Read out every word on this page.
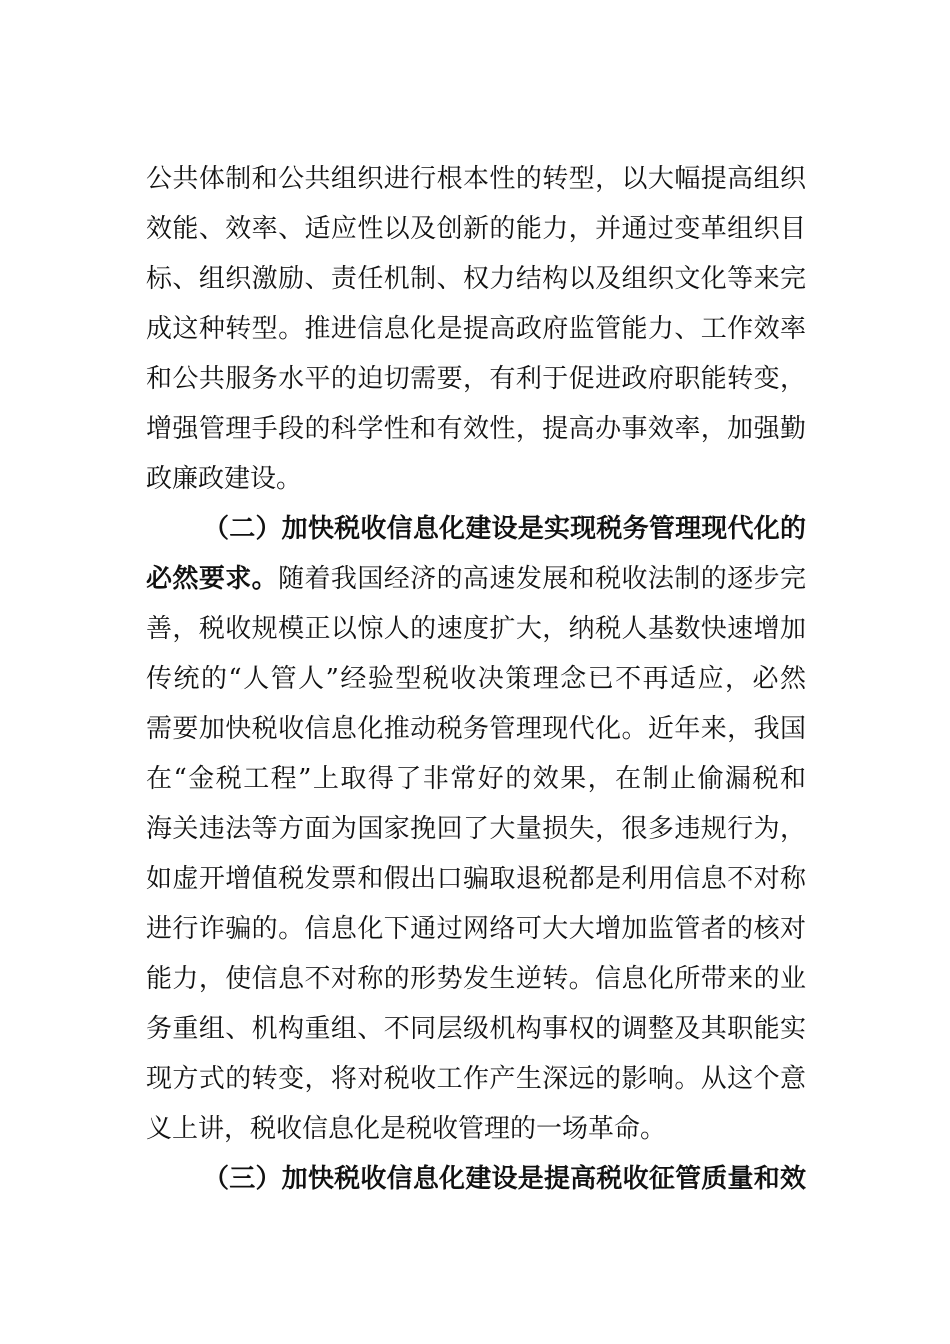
公共体制和公共组织进行根本性的转型，以大幅提高组织
效能、效率、适应性以及创新的能力，并通过变革组织目
标、组织激励、责任机制、权力结构以及组织文化等来完
成这种转型。推进信息化是提高政府监管能力、工作效率
和公共服务水平的迫切需要，有利于促进政府职能转变，
增强管理手段的科学性和有效性，提高办事效率，加强勤
政廉政建设。
（二）加快税收信息化建设是实现税务管理现代化的
必然要求。随着我国经济的高速发展和税收法制的逐步完
善，税收规模正以惊人的速度扩大，纳税人基数快速增加
传统的“人管人”经验型税收决策理念已不再适应，必然
需要加快税收信息化推动税务管理现代化。近年来，我国
在“金税工程”上取得了非常好的效果，在制止偷漏税和
海关违法等方面为国家挽回了大量损失，很多违规行为，
如虚开增值税发票和假出口骗取退税都是利用信息不对称
进行诈骗的。信息化下通过网络可大大增加监管者的核对
能力，使信息不对称的形势发生逆转。信息化所带来的业
务重组、机构重组、不同层级机构事权的调整及其职能实
现方式的转变，将对税收工作产生深远的影响。从这个意
义上讲，税收信息化是税收管理的一场革命。
（三）加快税收信息化建设是提高税收征管质量和效
